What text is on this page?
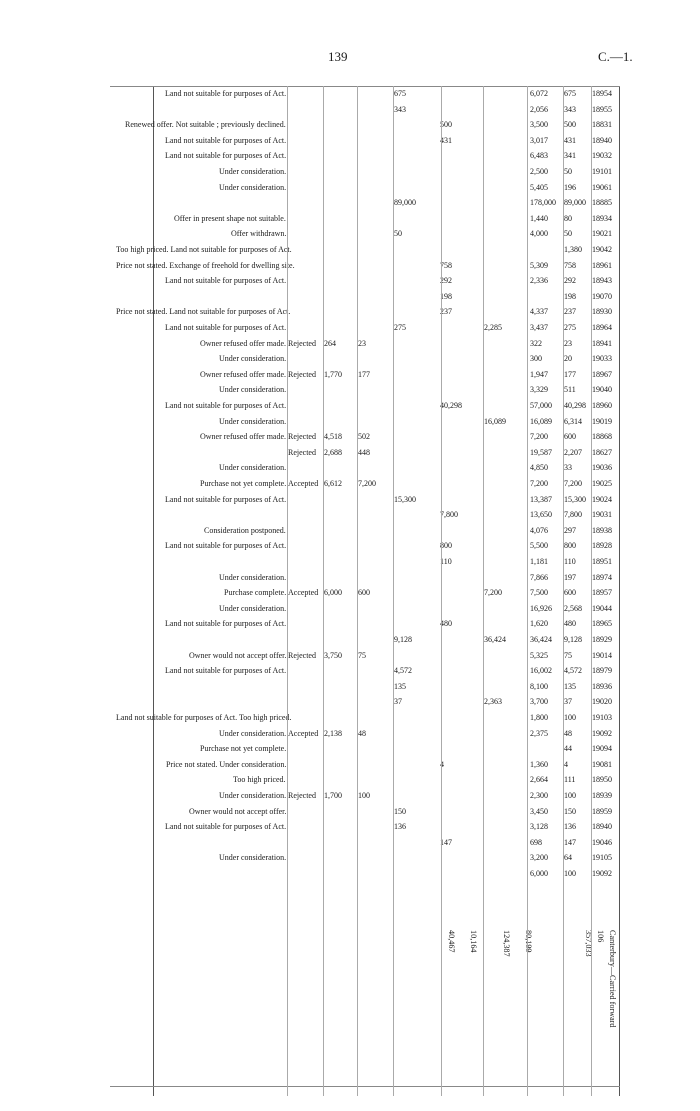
139	C.—1.
18954
675
6,072
675
Land not suitable for purposes of Act.
18955
343
2,056
343
18831
500
3,500
500
Renewed offer. Not suitable ; previously declined.
18940
431
3,017
431
Land not suitable for purposes of Act.
19032
341
6,483
Land not suitable for purposes of Act.
19101
50
2,500
Under consideration.
19061
196
5,405
Under consideration.
18885
89,000
178,000
89,000
18934
80
1,440
Offer in present shape not suitable.
19021
50
4,000
50
Offer withdrawn.
19042
1,380
Too high priced. Land not suitable for purposes of Act.
18961
758
5,309
758
Price not stated. Exchange of freehold for dwelling site.
18943
292
2,336
292
Land not suitable for purposes of Act.
19070
198
198
18930
237
4,337
237
Price not stated. Land not suitable for purposes of Act.
18964
275
3,437
2,285
275
Land not suitable for purposes of Act.
18941
23
322
23
264
Rejected
Owner refused offer made.
19033
20
300
Under consideration.
18967
177
1,947
177
1,770
Rejected
Owner refused offer made.
19040
511
3,329
Under consideration.
18960
40,298
57,000
40,298
Land not suitable for purposes of Act.
19019
6,314
16,089
16,089
Under consideration.
18868
600
7,200
502
4,518
Rejected
Owner refused offer made.
18627
2,207
19,587
448
2,688
Rejected
19036
33
4,850
Under consideration.
19025
7,200
7,200
7,200
6,612
Accepted
Purchase not yet complete.
19024
15,300
13,387
15,300
Land not suitable for purposes of Act.
19031
7,800
13,650
7,800
18938
297
4,076
Consideration postponed.
18928
800
5,500
800
Land not suitable for purposes of Act.
18951
110
1,181
110
18974
197
7,866
Under consideration.
18957
600
7,500
7,200
600
6,000
Accepted
Purchase complete.
19044
2,568
16,926
Under consideration.
18965
480
1,620
480
Land not suitable for purposes of Act.
18929
9,128
36,424
36,424
9,128
19014
75
5,325
75
3,750
Rejected
Owner would not accept offer.
18979
4,572
16,002
4,572
Land not suitable for purposes of Act.
18936
135
8,100
135
19020
37
3,700
2,363
37
19103
100
1,800
Land not suitable for purposes of Act. Too high priced.
19092
48
2,375
48
2,138
Accepted
Under consideration.
19094
44
Purchase not yet complete.
19081
4
1,360
4
Price not stated. Under consideration.
18950
111
2,664
Too high priced.
18939
100
2,300
100
1,700
Rejected
Under consideration.
18959
150
3,450
150
Owner would not accept offer.
18940
136
3,128
136
Land not suitable for purposes of Act.
19046
147
698
147
19105
64
3,200
Under consideration.
19092
100
6,000
Canterbury—Carried forward
106
357,033
80,199
124,387
10,164
40,467
